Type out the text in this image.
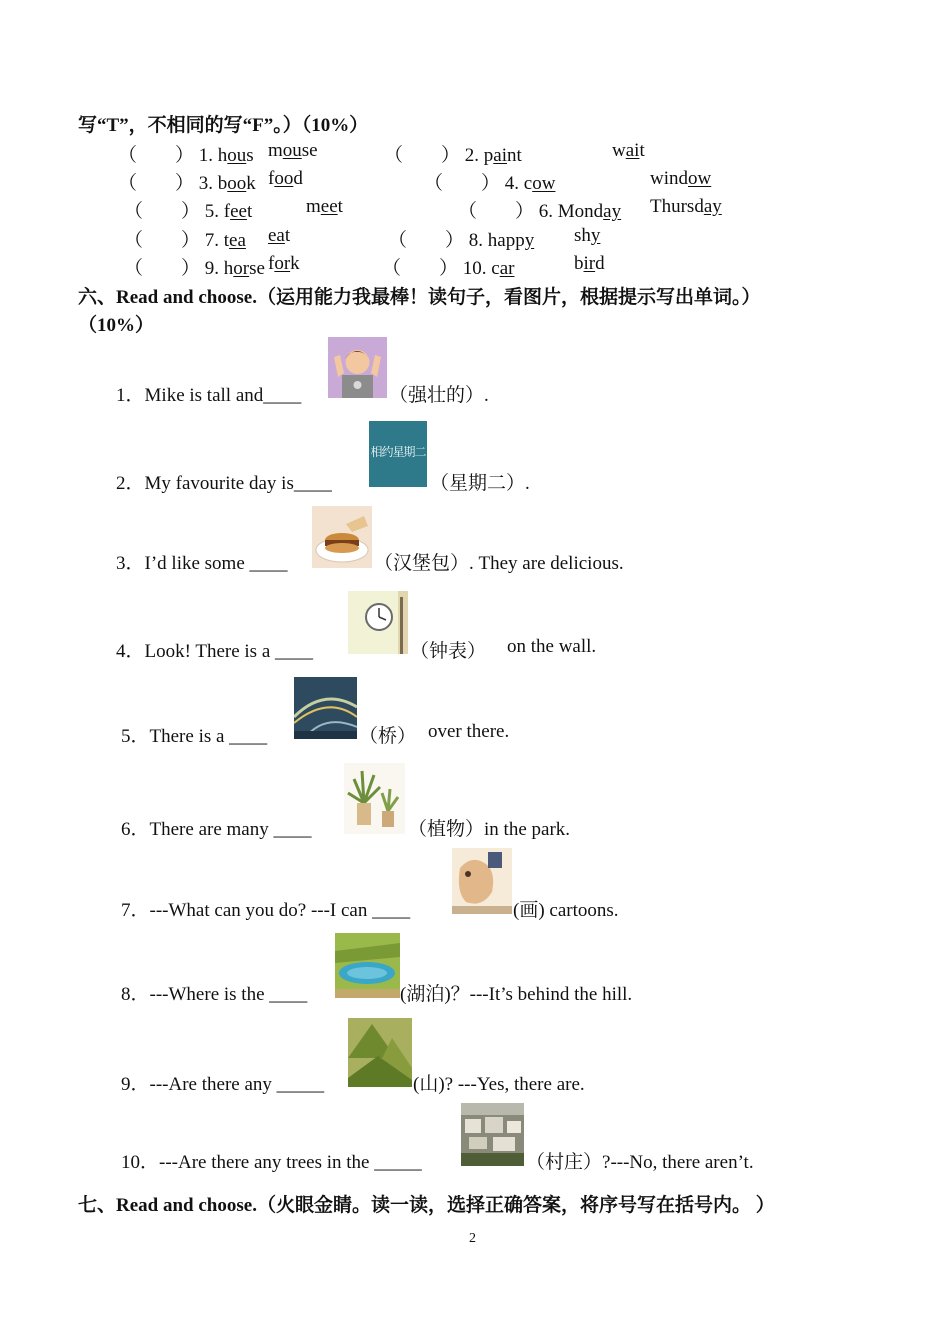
写“T”，不相同的写“F”。）（10%）
（　　） 1. hous mouse	（　　） 2. paint	wait
（　　） 3. book food	（　　） 4. cow	window
（　　） 5. feet	meet	（　　） 6. Monday Thursday
（　　） 7. tea eat	（　　） 8. happy shy
（　　） 9. horse fork	（　　） 10. car	bird
六、Read and choose.（运用能力我最棒！读句子，看图片，根据提示写出单词。）
（10%）
1．Mike is tall and____	（强壮的）.
相约星期二
2．My favourite day is____	（星期二）.
3．I’d like some ____	（汉堡包）. They are delicious.
4．Look! There is a ____	（钟表） on the wall.
5．There is a ____	（桥） over there.
6．There are many ____	（植物）in the park.
7．---What can you do? ---I can ____	(画) cartoons.
8．---Where is the ____	(湖泊)？---It’s behind the hill.
9．---Are there any _____	(山)? ---Yes, there are.
10．---Are there any trees in the _____	（村庄）?---No, there aren’t.
七、Read and choose.（火眼金睛。读一读，选择正确答案，将序号写在括号内。 ）
2
